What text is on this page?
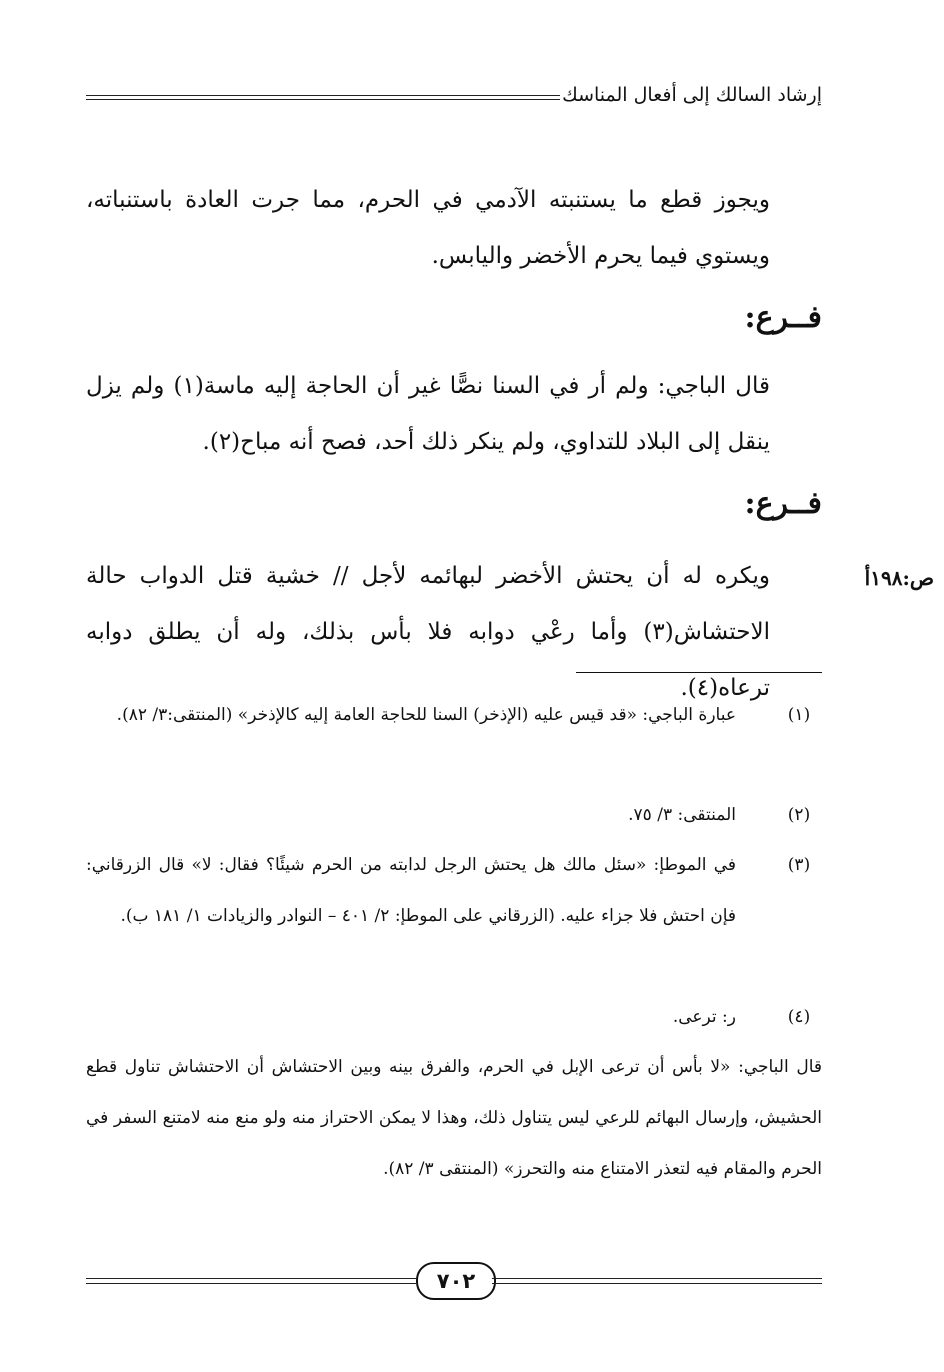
إرشاد السالك إلى أفعال المناسك

ويجوز قطع ما يستنبته الآدمي في الحرم، مما جرت العادة باستنباته، ويستوي فيما يحرم الأخضر واليابس.

فــرع:

قال الباجي: ولم أر في السنا نصًّا غير أن الحاجة إليه ماسة(١) ولم يزل ينقل إلى البلاد للتداوي، ولم ينكر ذلك أحد، فصح أنه مباح(٢).

فــرع:
ص:١٩٨أ

ويكره له أن يحتش الأخضر لبهائمه لأجل // خشية قتل الدواب حالة الاحتشاش(٣) وأما رعْي دوابه فلا بأس بذلك، وله أن يطلق دوابه ترعاه(٤).

(١)
عبارة الباجي: «قد قيس عليه (الإذخر) السنا للحاجة العامة إليه كالإذخر» (المنتقى:٣/ ٨٢).
(٢)
المنتقى: ٣/ ٧٥.
(٣)
في الموطإ: «سئل مالك هل يحتش الرجل لدابته من الحرم شيئًا؟ فقال: لا» قال الزرقاني: فإن احتش فلا جزاء عليه. (الزرقاني على الموطإ: ٢/ ٤٠١ – النوادر والزيادات ١/ ١٨١ ب).
(٤)
ر: ترعى.
قال الباجي: «لا بأس أن ترعى الإبل في الحرم، والفرق بينه وبين الاحتشاش أن الاحتشاش تناول قطع الحشيش، وإرسال البهائم للرعي ليس يتناول ذلك، وهذا لا يمكن الاحتراز منه ولو منع منه لامتنع السفر في الحرم والمقام فيه لتعذر الامتناع منه والتحرز» (المنتقى ٣/ ٨٢).
٧٠٢
